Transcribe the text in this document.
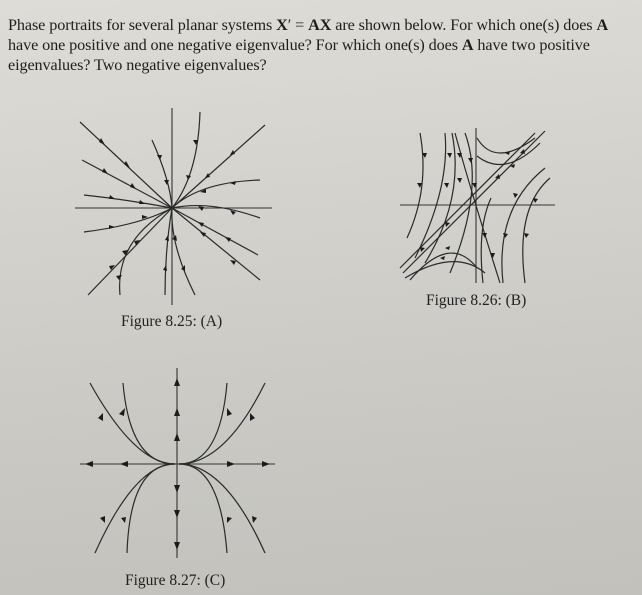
Phase portraits for several planar systems X′ = AX are shown below. For which one(s) does A have one positive and one negative eigenvalue? For which one(s) does A have two positive eigenvalues? Two negative eigenvalues?
Figure 8.25: (A)
Figure 8.26: (B)
Figure 8.27: (C)
